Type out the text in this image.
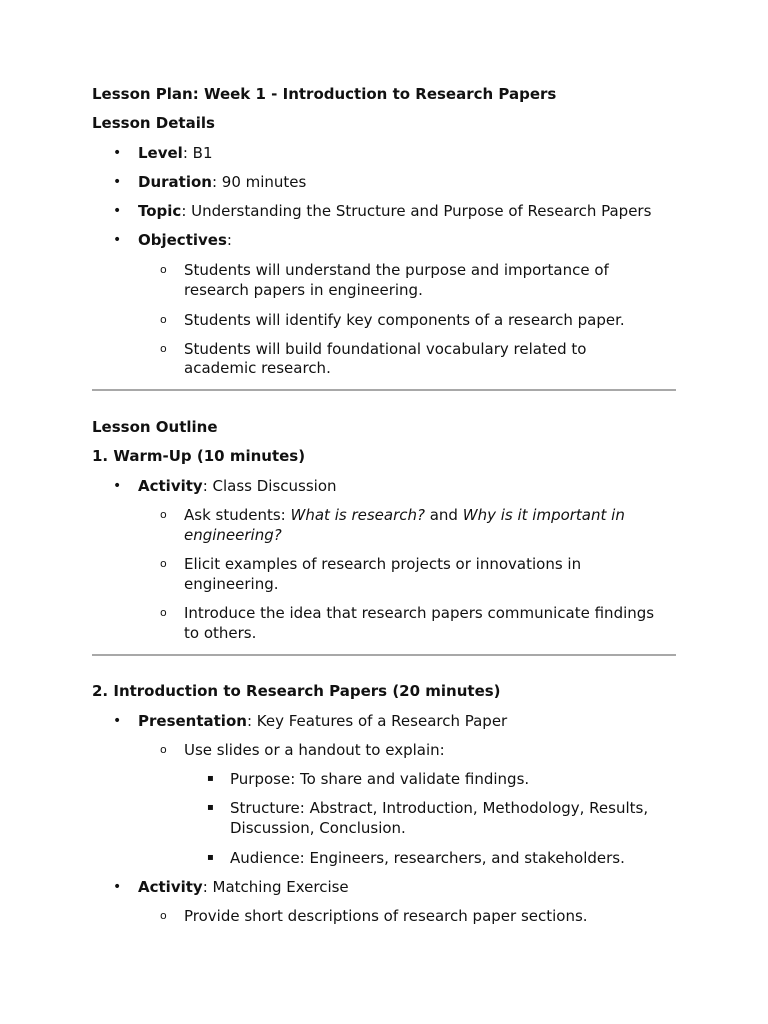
Lesson Plan: Week 1 - Introduction to Research Papers
Lesson Details
• Level: B1
• Duration: 90 minutes
• Topic: Understanding the Structure and Purpose of Research Papers
• Objectives:
o Students will understand the purpose and importance of
research papers in engineering.
o Students will identify key components of a research paper.
o Students will build foundational vocabulary related to
academic research.
Lesson Outline
1. Warm-Up (10 minutes)
• Activity: Class Discussion
o Ask students: What is research? and Why is it important in
engineering?
o Elicit examples of research projects or innovations in
engineering.
o Introduce the idea that research papers communicate findings
to others.
2. Introduction to Research Papers (20 minutes)
• Presentation: Key Features of a Research Paper
o Use slides or a handout to explain:
▪ Purpose: To share and validate findings.
▪ Structure: Abstract, Introduction, Methodology, Results,
Discussion, Conclusion.
▪ Audience: Engineers, researchers, and stakeholders.
• Activity: Matching Exercise
o Provide short descriptions of research paper sections.
